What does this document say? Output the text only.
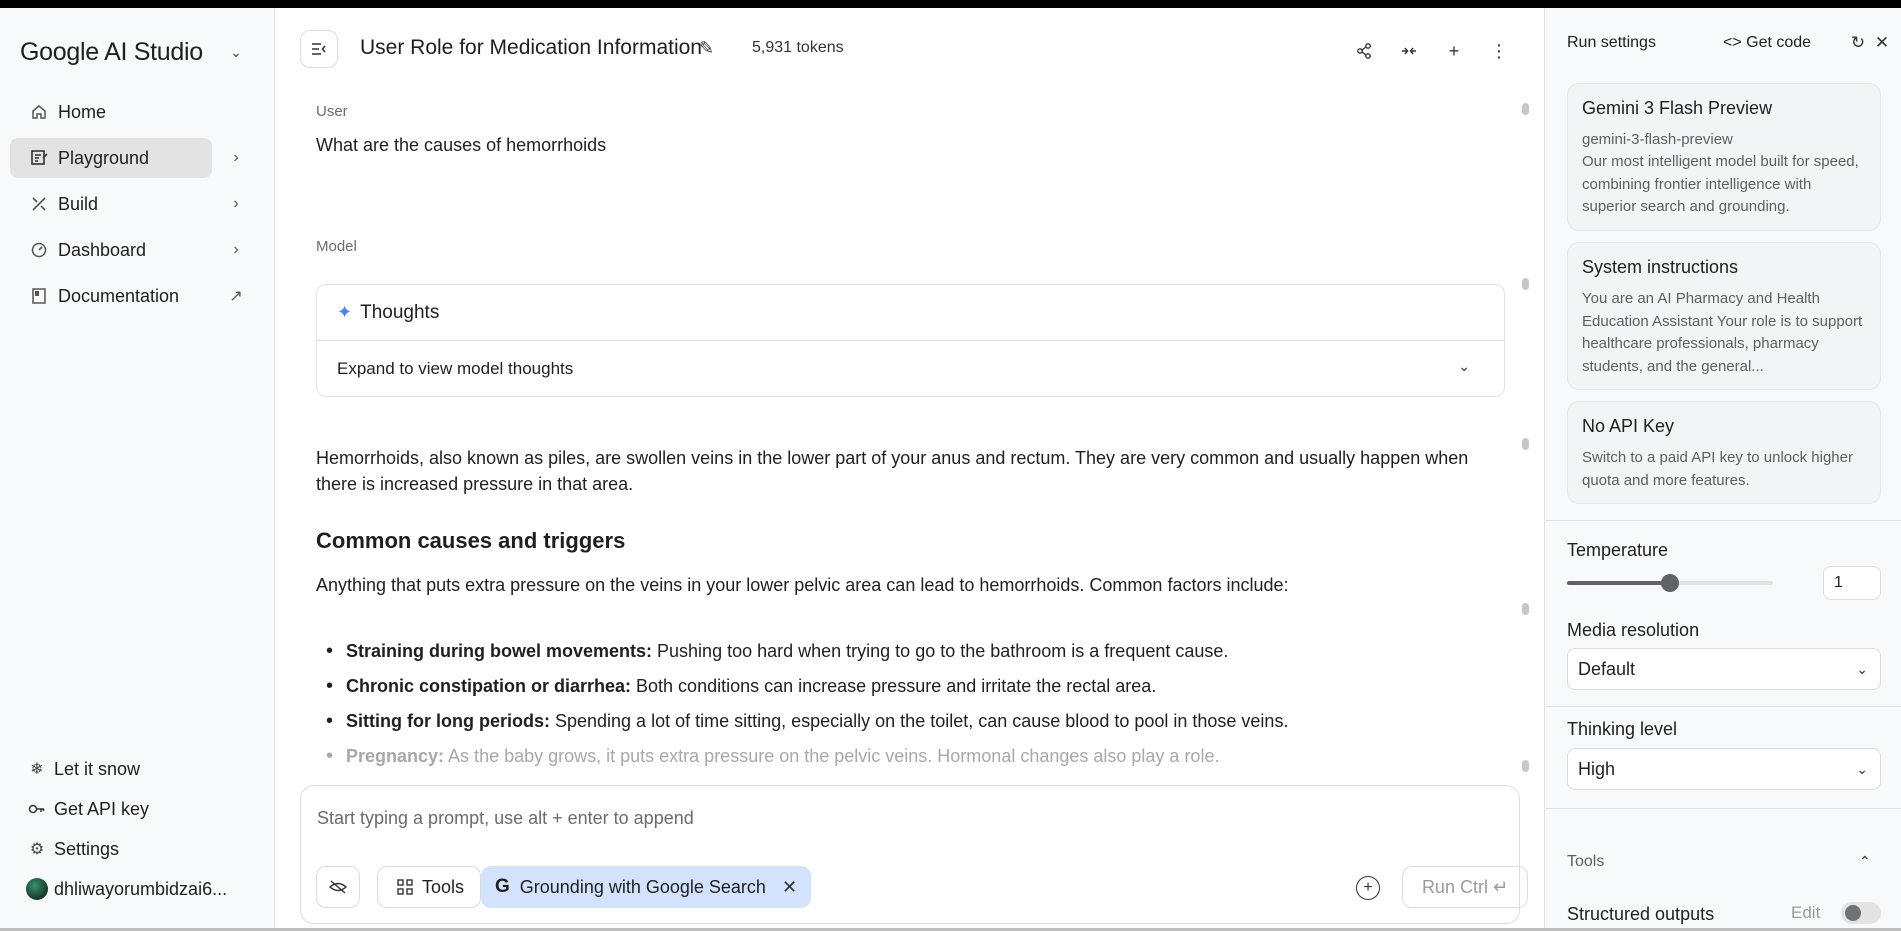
Google AI Studio ⌄
Home
Playground	›
Build	›
Dashboard	›
Documentation	↗
❄ Let it snow
Get API key
⚙ Settings
dhliwayorumbidzai6...
User Role for Medication Information
✎ 5,931 tokens	+	⋮
User
What are the causes of hemorrhoids
Model
✦ Thoughts
Expand to view model thoughts	⌄
Hemorrhoids, also known as piles, are swollen veins in the lower part of your anus and rectum. They are very common and usually happen when there is increased pressure in that area.
Common causes and triggers
Anything that puts extra pressure on the veins in your lower pelvic area can lead to hemorrhoids. Common factors include:
• Straining during bowel movements: Pushing too hard when trying to go to the bathroom is a frequent cause.
• Chronic constipation or diarrhea: Both conditions can increase pressure and irritate the rectal area.
• Sitting for long periods: Spending a lot of time sitting, especially on the toilet, can cause blood to pool in those veins.
• Pregnancy: As the baby grows, it puts extra pressure on the pelvic veins. Hormonal changes also play a role.
Start typing a prompt, use alt + enter to append
Tools G Grounding with Google Search ✕	+	Run Ctrl ↵
Run settings	<> Get code ↻ ✕
Gemini 3 Flash Preview
gemini-3-flash-preview
Our most intelligent model built for speed, combining frontier intelligence with superior search and grounding.
System instructions
You are an AI Pharmacy and Health Education Assistant Your role is to support healthcare professionals, pharmacy students, and the general...
No API Key
Switch to a paid API key to unlock higher quota and more features.
Temperature
1
Media resolution
Default	⌄
Thinking level
High	⌄
Tools	⌃
Structured outputs	Edit
